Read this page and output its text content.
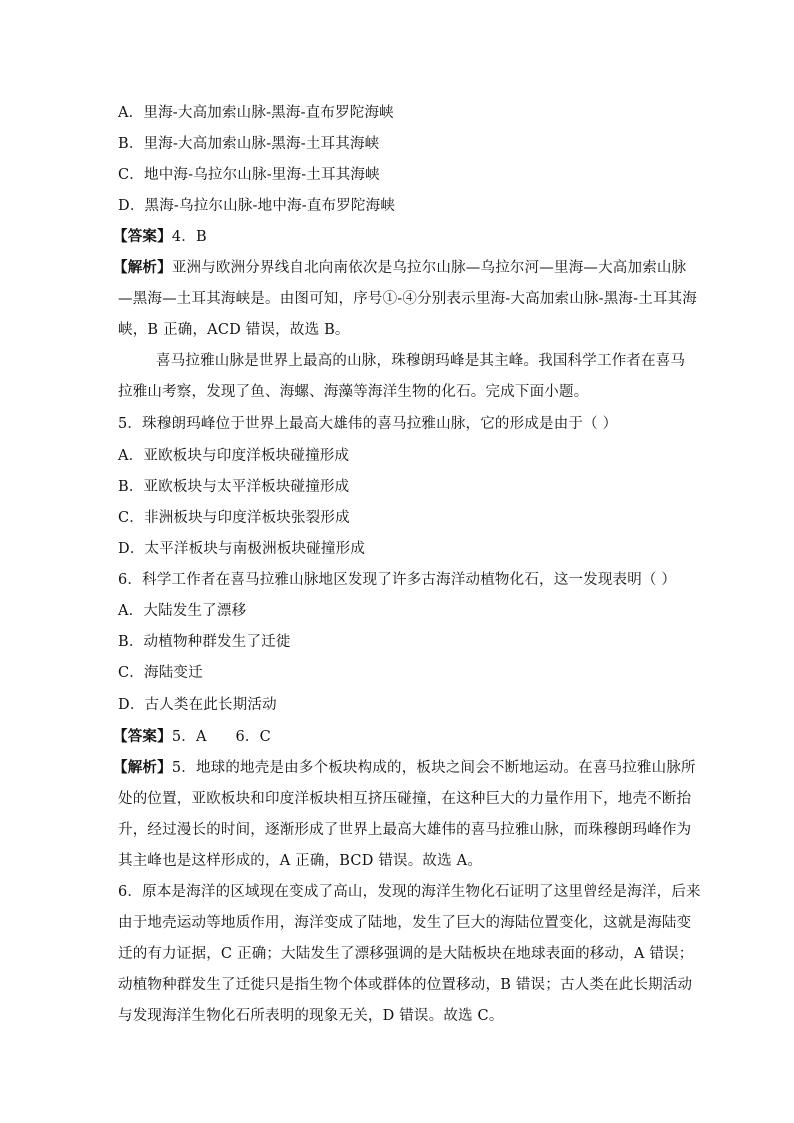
A．里海-大高加索山脉-黑海-直布罗陀海峡
B．里海-大高加索山脉-黑海-土耳其海峡
C．地中海-乌拉尔山脉-里海-土耳其海峡
D．黑海-乌拉尔山脉-地中海-直布罗陀海峡
【答案】4．B
【解析】亚洲与欧洲分界线自北向南依次是乌拉尔山脉—乌拉尔河—里海—大高加索山脉
—黑海—土耳其海峡是。由图可知，序号①-④分别表示里海-大高加索山脉-黑海-土耳其海
峡，B 正确，ACD 错误，故选 B。
喜马拉雅山脉是世界上最高的山脉，珠穆朗玛峰是其主峰。我国科学工作者在喜马
拉雅山考察，发现了鱼、海螺、海藻等海洋生物的化石。完成下面小题。
5．珠穆朗玛峰位于世界上最高大雄伟的喜马拉雅山脉，它的形成是由于（ ）
A．亚欧板块与印度洋板块碰撞形成
B．亚欧板块与太平洋板块碰撞形成
C．非洲板块与印度洋板块张裂形成
D．太平洋板块与南极洲板块碰撞形成
6．科学工作者在喜马拉雅山脉地区发现了许多古海洋动植物化石，这一发现表明（ ）
A．大陆发生了漂移
B．动植物种群发生了迁徙
C．海陆变迁
D．古人类在此长期活动
【答案】5．A      6．C
【解析】5．地球的地壳是由多个板块构成的，板块之间会不断地运动。在喜马拉雅山脉所
处的位置，亚欧板块和印度洋板块相互挤压碰撞，在这种巨大的力量作用下，地壳不断抬
升，经过漫长的时间，逐渐形成了世界上最高大雄伟的喜马拉雅山脉，而珠穆朗玛峰作为
其主峰也是这样形成的，A 正确，BCD 错误。故选 A。
6．原本是海洋的区域现在变成了高山，发现的海洋生物化石证明了这里曾经是海洋，后来
由于地壳运动等地质作用，海洋变成了陆地，发生了巨大的海陆位置变化，这就是海陆变
迁的有力证据，C 正确；大陆发生了漂移强调的是大陆板块在地球表面的移动，A 错误；
动植物种群发生了迁徙只是指生物个体或群体的位置移动，B 错误；古人类在此长期活动
与发现海洋生物化石所表明的现象无关，D 错误。故选 C。
